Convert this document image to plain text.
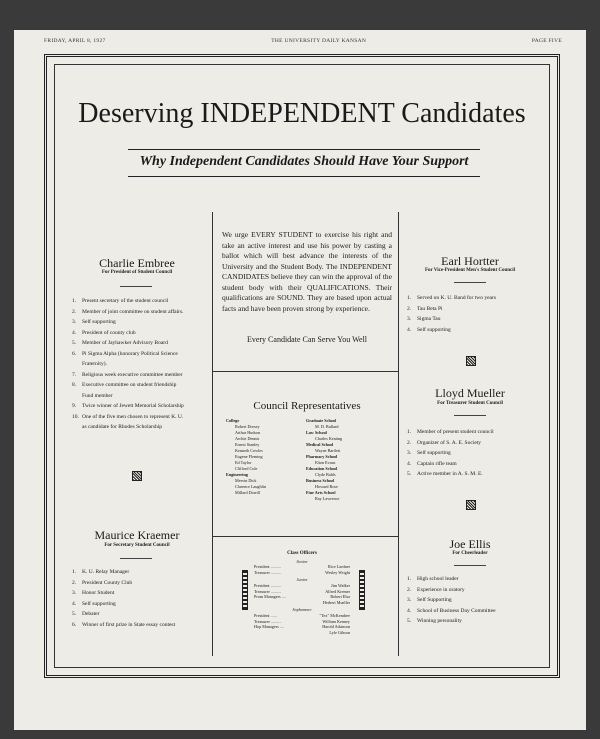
FRIDAY, APRIL 8, 1927	THE UNIVERSITY DAILY KANSAN	PAGE FIVE
Deserving INDEPENDENT Candidates
Why Independent Candidates Should Have Your Support
Charlie Embree
For President of Student Council
1.	Present secretary of the student council
2.	Member of joint committee on student affairs.
3.	Self supporting
4.	President of county club
5.	Member of Jayhawker Advisory Board
6.	Pi Sigma Alpha (honorary Political Science
Fraternity).
7.	Religious week executive committee member
8.	Executive committee on student friendship
Fund member
9.	Twice winner of Jewett Memorial Scholarship
10. One of the five men chosen to represent K. U.
as candidate for Rhodes Scholarship
Maurice Kraemer
For Secretary Student Council
1.	K. U. Relay Manager
2.	President County Club
3.	Honor Student
4.	Self supporting
5.	Debater
6.	Winner of first prize in State essay contest
We urge EVERY STUDENT to exercise his right and take an active interest and use his power by casting a ballot which will best advance the interests of the University and the Student Body. The INDEPENDENT CANDIDATES believe they can win the approval of the student body with their QUALIFICATIONS. Their qualifications are SOUND. They are based upon actual facts and have been proven strong by experience.
Every Candidate Can Serve You Well
Council Representatives
College
Robert Dorsey
Arthur Hudson
Archie Dennis
Ernest Stanley
Kenneth Cowles
Eugene Fleming
Ed Taylor
Clifford Cole
Engineering
Mervin Dick
Clarence Laughlin
Millard Dorrill
Graduate School
M. D. Bullard
Law School
Charles Keating
Medical School
Wayne Bartlett
Pharmacy School
Elton Evans
Education School
Clyde Bahls
Business School
Howard Rose
Fine Arts School
Ray Lawrence
Class Officers
Senior
President ..........	Rice Lardner
Treasurer ..........	Wesley Wright
Junior
President ..........	Jim Walker
Treasurer ..........	Alfred Kremer
Prom Managers ....	Robert Elsa
Herbert Mueller
Sophomore
President ......	"Tex" McKendree
Treasurer ..........	William Kenney
Hop Managers ....	Harold Atkinson
Lyle Gibson
Earl Hortter
For Vice-President Men's Student Council
1.	Served on K. U. Band for two years
2.	Tau Beta Pi
3.	Sigma Tau
4.	Self supporting
Lloyd Mueller
For Treasurer Student Council
1.	Member of present student council
2.	Organizer of S. A. E. Society
3.	Self supporting
4.	Captain rifle team
5.	Active member in A. S. M. E.
Joe Ellis
For Cheerleader
1.	High school leader
2.	Experience in oratory
3.	Self Supporting
4.	School of Business Day Committee
5.	Winning personality
